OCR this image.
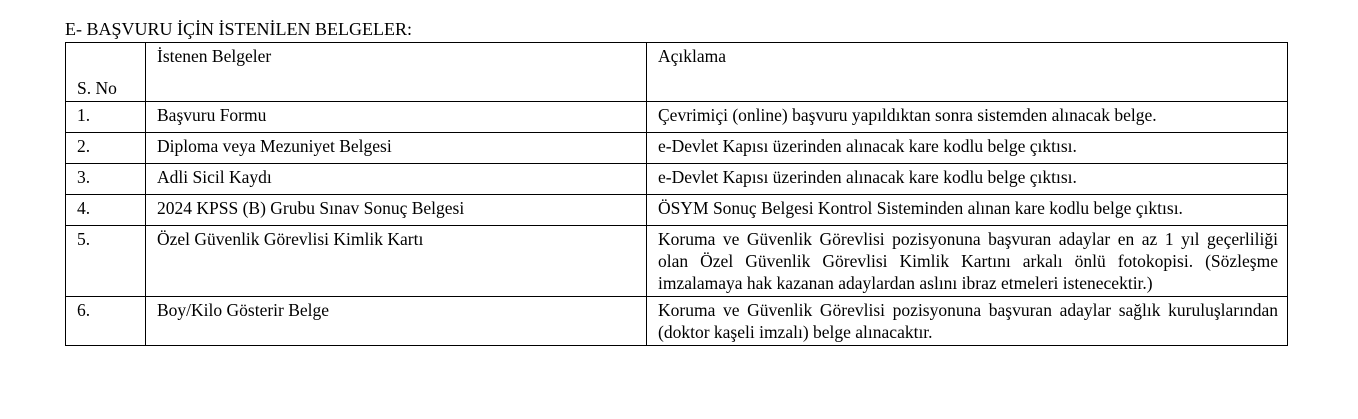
E- BAŞVURU İÇİN İSTENİLEN BELGELER:
S. No	İstenen Belgeler	Açıklama
1.	Başvuru Formu	Çevrimiçi (online) başvuru yapıldıktan sonra sistemden alınacak belge.
2.	Diploma veya Mezuniyet Belgesi	e-Devlet Kapısı üzerinden alınacak kare kodlu belge çıktısı.
3.	Adli Sicil Kaydı	e-Devlet Kapısı üzerinden alınacak kare kodlu belge çıktısı.
4.	2024 KPSS (B) Grubu Sınav Sonuç Belgesi	ÖSYM Sonuç Belgesi Kontrol Sisteminden alınan kare kodlu belge çıktısı.
5.	Özel Güvenlik Görevlisi Kimlik Kartı	Koruma ve Güvenlik Görevlisi pozisyonuna başvuran adaylar en az 1 yıl geçerliliği olan Özel Güvenlik Görevlisi Kimlik Kartını arkalı önlü fotokopisi. (Sözleşme imzalamaya hak kazanan adaylardan aslını ibraz etmeleri istenecektir.)
6.	Boy/Kilo Gösterir Belge	Koruma ve Güvenlik Görevlisi pozisyonuna başvuran adaylar sağlık kuruluşlarından (doktor kaşeli imzalı) belge alınacaktır.
